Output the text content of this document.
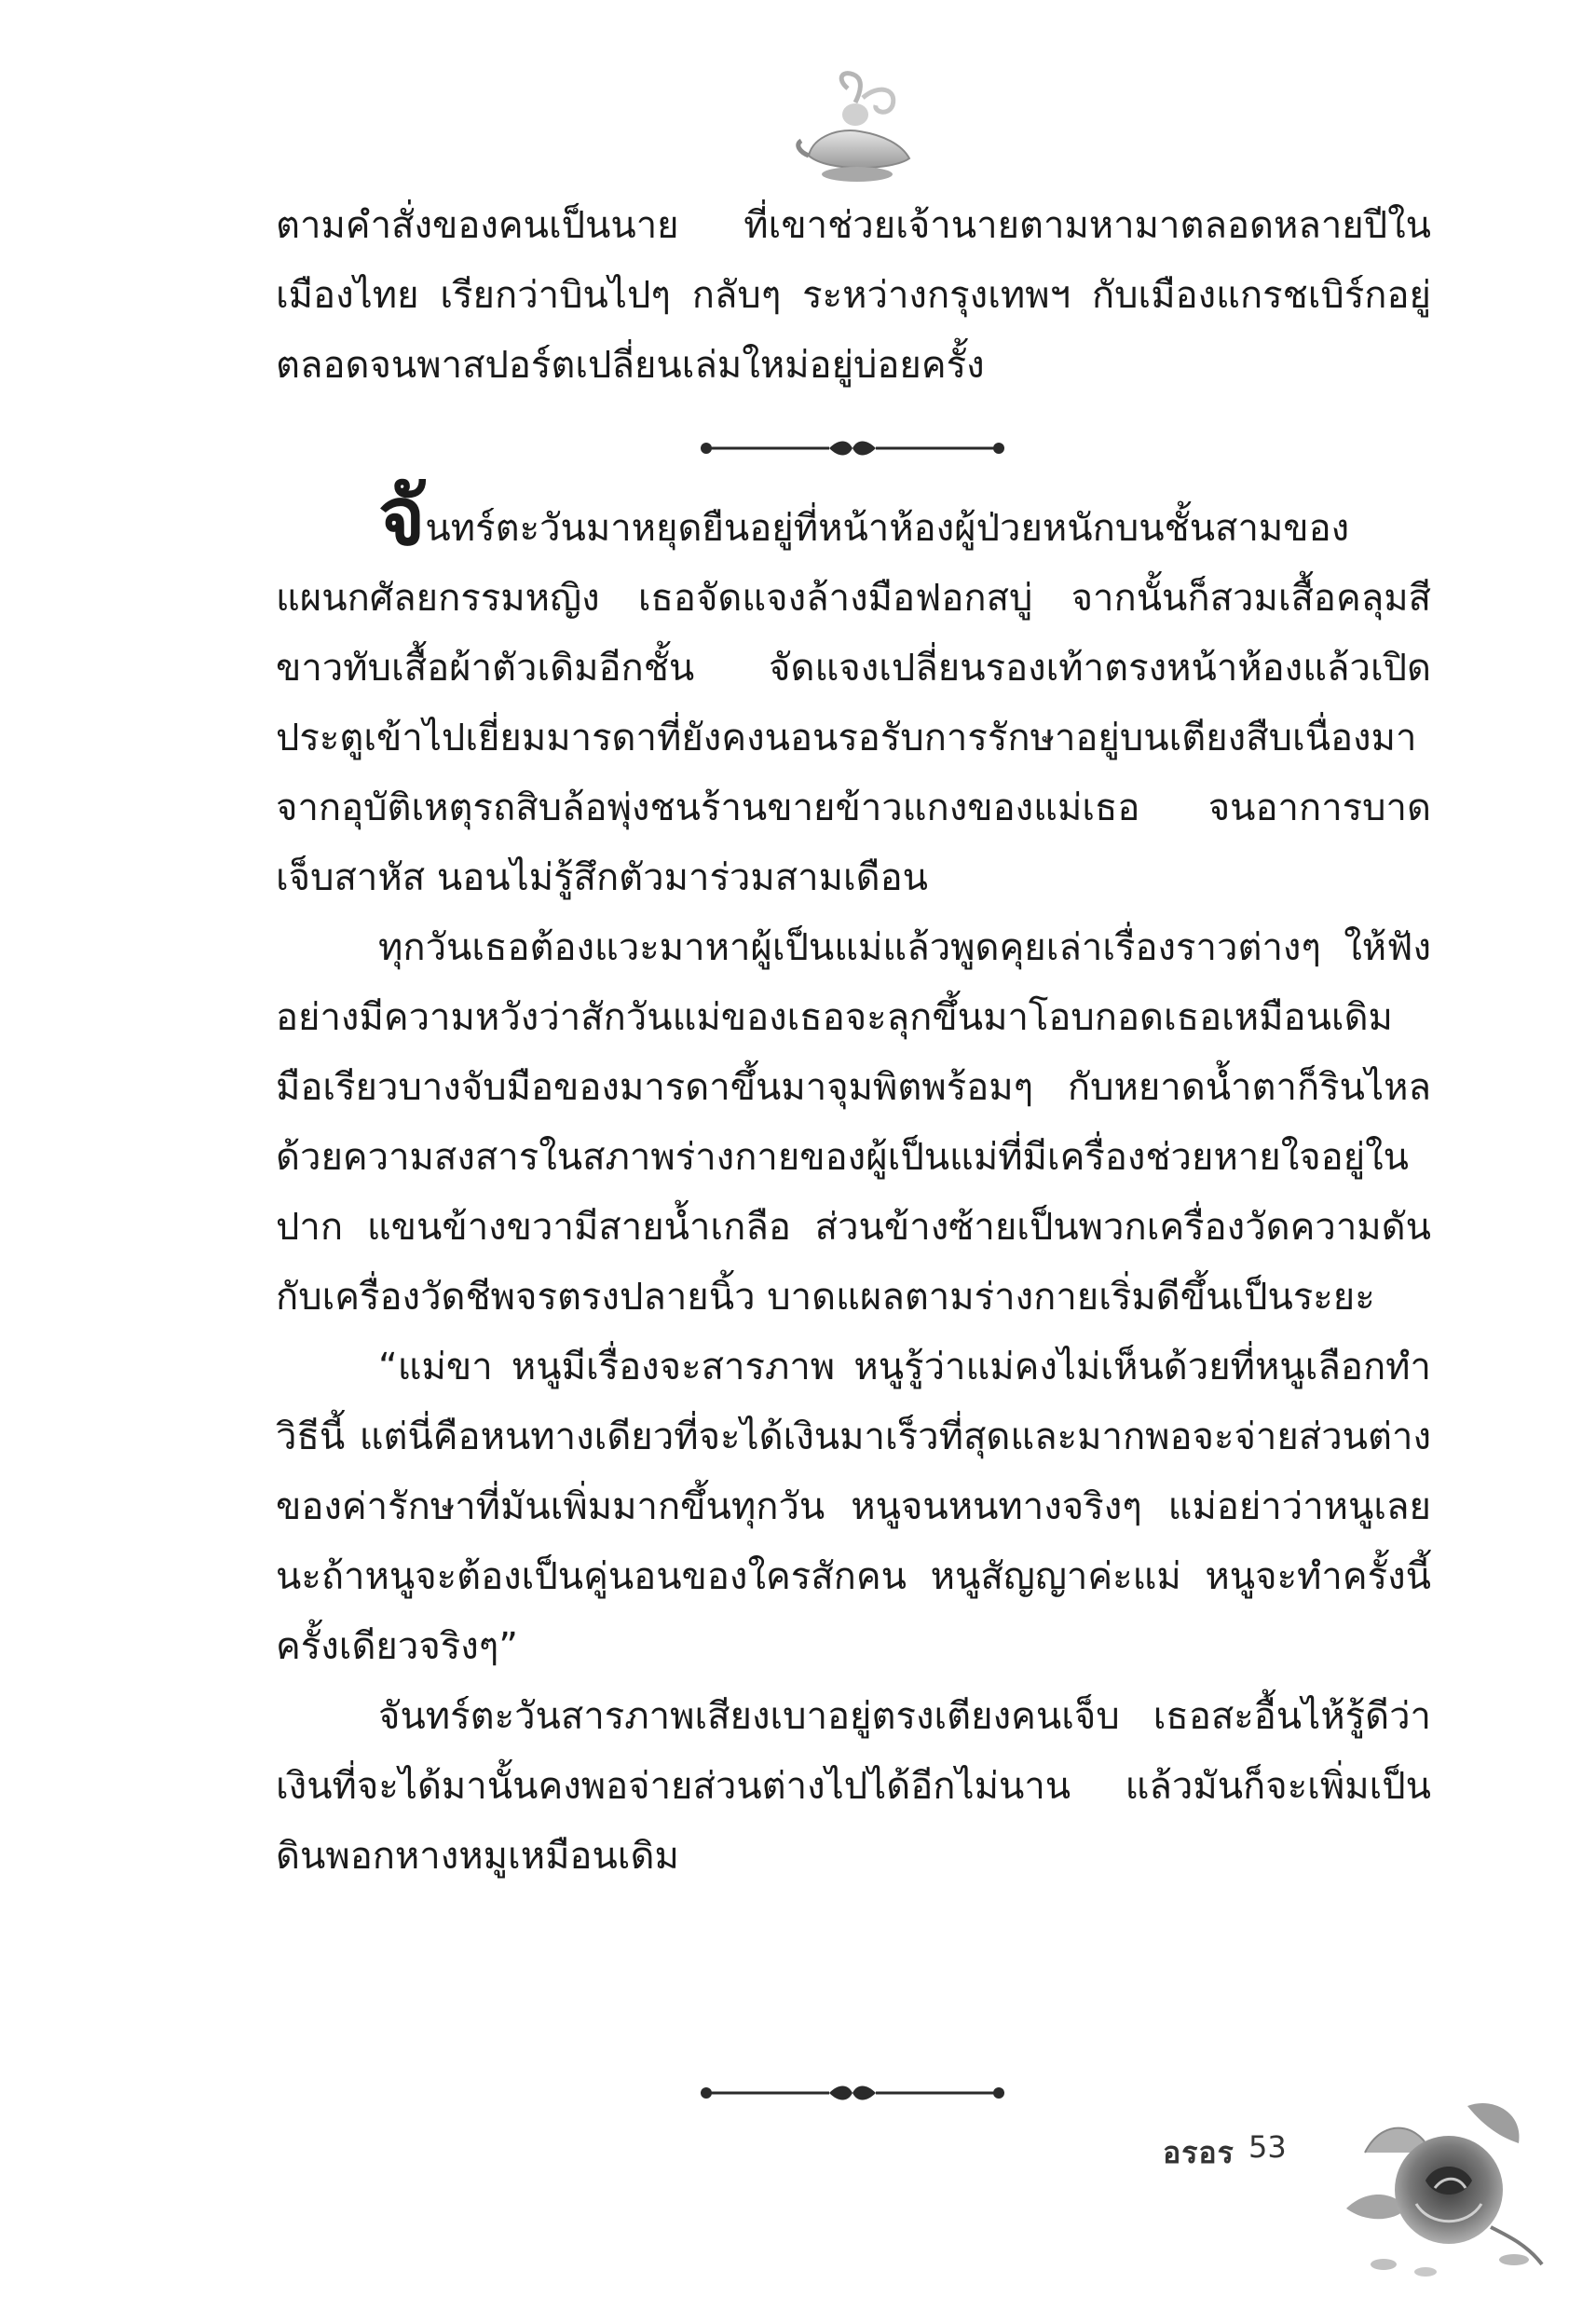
ตามคำสั่งของคนเป็นนาย ที่เขาช่วยเจ้านายตามหามาตลอดหลายปีในเมืองไทย เรียกว่าบินไปๆ กลับๆ ระหว่างกรุงเทพฯ กับเมืองแกรชเบิร์กอยู่ตลอดจนพาสปอร์ตเปลี่ยนเล่มใหม่อยู่บ่อยครั้ง

จันทร์ตะวันมาหยุดยืนอยู่ที่หน้าห้องผู้ป่วยหนักบนชั้นสามของแผนกศัลยกรรมหญิง เธอจัดแจงล้างมือฟอกสบู่ จากนั้นก็สวมเสื้อคลุมสีขาวทับเสื้อผ้าตัวเดิมอีกชั้น จัดแจงเปลี่ยนรองเท้าตรงหน้าห้องแล้วเปิดประตูเข้าไปเยี่ยมมารดาที่ยังคงนอนรอรับการรักษาอยู่บนเตียงสืบเนื่องมาจากอุบัติเหตุรถสิบล้อพุ่งชนร้านขายข้าวแกงของแม่เธอ จนอาการบาดเจ็บสาหัส นอนไม่รู้สึกตัวมาร่วมสามเดือน

ทุกวันเธอต้องแวะมาหาผู้เป็นแม่แล้วพูดคุยเล่าเรื่องราวต่างๆ ให้ฟังอย่างมีความหวังว่าสักวันแม่ของเธอจะลุกขึ้นมาโอบกอดเธอเหมือนเดิม มือเรียวบางจับมือของมารดาขึ้นมาจุมพิตพร้อมๆ กับหยาดน้ำตาก็รินไหลด้วยความสงสารในสภาพร่างกายของผู้เป็นแม่ที่มีเครื่องช่วยหายใจอยู่ในปาก แขนข้างขวามีสายน้ำเกลือ ส่วนข้างซ้ายเป็นพวกเครื่องวัดความดันกับเครื่องวัดชีพจรตรงปลายนิ้ว บาดแผลตามร่างกายเริ่มดีขึ้นเป็นระยะ

“แม่ขา หนูมีเรื่องจะสารภาพ หนูรู้ว่าแม่คงไม่เห็นด้วยที่หนูเลือกทำวิธีนี้ แต่นี่คือหนทางเดียวที่จะได้เงินมาเร็วที่สุดและมากพอจะจ่ายส่วนต่างของค่ารักษาที่มันเพิ่มมากขึ้นทุกวัน หนูจนหนทางจริงๆ แม่อย่าว่าหนูเลยนะถ้าหนูจะต้องเป็นคู่นอนของใครสักคน หนูสัญญาค่ะแม่ หนูจะทำครั้งนี้ครั้งเดียวจริงๆ”

จันทร์ตะวันสารภาพเสียงเบาอยู่ตรงเตียงคนเจ็บ เธอสะอื้นไห้รู้ดีว่าเงินที่จะได้มานั้นคงพอจ่ายส่วนต่างไปได้อีกไม่นาน แล้วมันก็จะเพิ่มเป็นดินพอกหางหมูเหมือนเดิม

อรอร 53
